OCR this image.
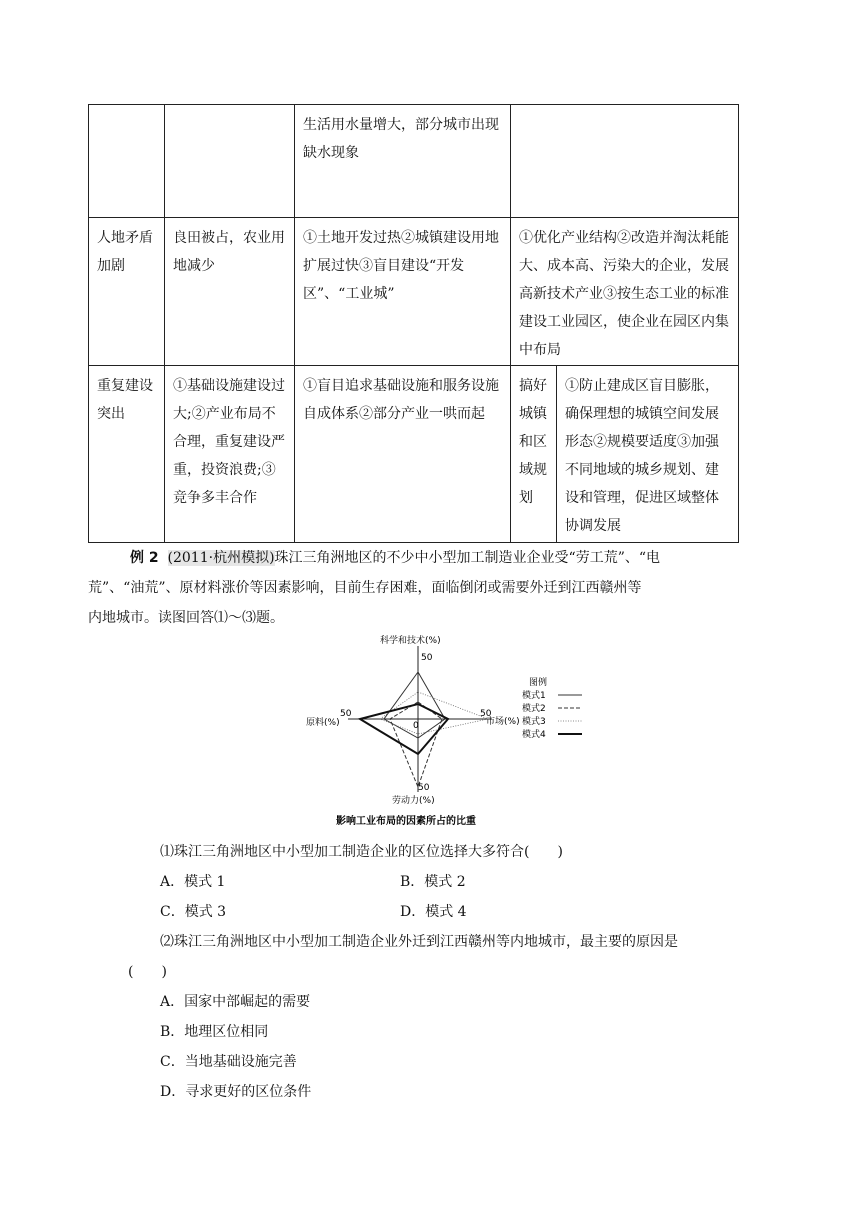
		生活用水量增大，部分城市出现缺水现象		
人地矛盾加剧	良田被占，农业用地减少	①土地开发过热②城镇建设用地扩展过快③盲目建设“开发区”、“工业城”	①优化产业结构②改造并淘汰耗能大、成本高、污染大的企业，发展高新技术产业③按生态工业的标准建设工业园区，使企业在园区内集中布局	
重复建设突出	①基础设施建设过大;②产业布局不合理，重复建设严重，投资浪费;③竞争多丰合作	①盲目追求基础设施和服务设施自成体系②部分产业一哄而起	搞好城镇和区域规划	①防止建成区盲目膨胀，确保理想的城镇空间发展形态②规模要适度③加强不同地域的城乡规划、建设和管理，促进区域整体协调发展
例 2 (2011·杭州模拟)珠江三角洲地区的不少中小型加工制造业企业受“劳工荒”、“电
荒”、“油荒”、原材料涨价等因素影响，目前生存困难，面临倒闭或需要外迁到江西赣州等
内地城市。读图回答⑴～⑶题。
科学和技术(%)
50
原料(%)
50	50
市场(%)
0
50
劳动力(%)
图例
模式1
模式2
模式3
模式4
影响工业布局的因素所占的比重
⑴珠江三角洲地区中小型加工制造企业的区位选择大多符合(　　)
A．模式 1	B．模式 2
C．模式 3	D．模式 4
⑵珠江三角洲地区中小型加工制造企业外迁到江西赣州等内地城市，最主要的原因是
(　　)
A．国家中部崛起的需要
B．地理区位相同
C．当地基础设施完善
D．寻求更好的区位条件
